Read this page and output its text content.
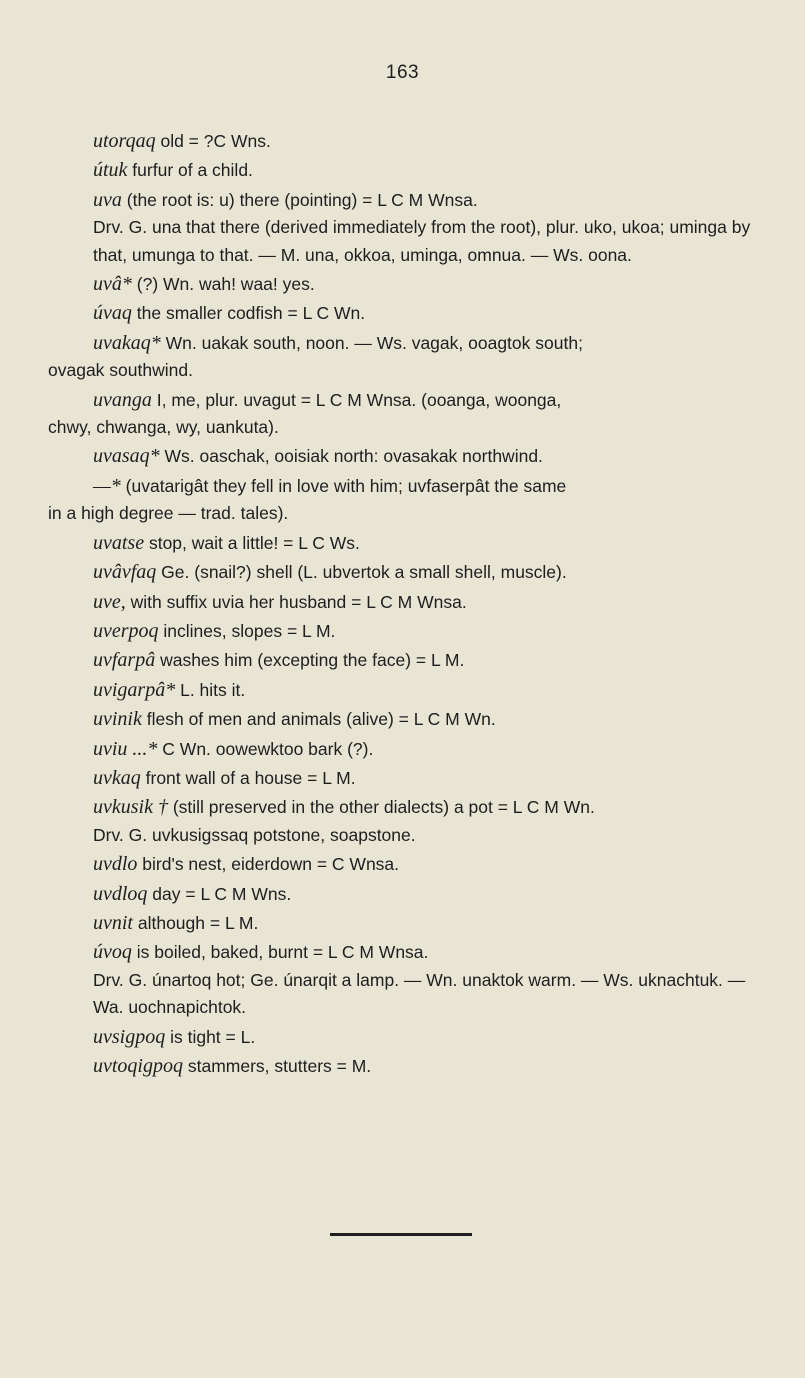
163
utorqaq old = ?C Wns.
útuk furfur of a child.
uva (the root is: u) there (pointing) = L C M Wnsa.
Drv. G. una that there (derived immediately from the root), plur. uko, ukoa; uminga by that, umunga to that. — M. una, okkoa, uminga, omnua. — Ws. oona.
uvâ* (?) Wn. wah! waa! yes.
úvaq the smaller codfish = L C Wn.
uvakaq* Wn. uakak south, noon. — Ws. vagak, ooagtok south;
ovagak southwind.
uvanga I, me, plur. uvagut = L C M Wnsa. (ooanga, woonga,
chwy, chwanga, wy, uankuta).
uvasaq* Ws. oaschak, ooisiak north: ovasakak northwind.
—* (uvatarigât they fell in love with him; uvfaserpât the same
in a high degree — trad. tales).
uvatse stop, wait a little! = L C Ws.
uvâvfaq Ge. (snail?) shell (L. ubvertok a small shell, muscle).
uve, with suffix uvia her husband = L C M Wnsa.
uverpoq inclines, slopes = L M.
uvfarpâ washes him (excepting the face) = L M.
uvigarpâ* L. hits it.
uvinik flesh of men and animals (alive) = L C M Wn.
uviu ...* C Wn. oowewktoo bark (?).
uvkaq front wall of a house = L M.
uvkusik † (still preserved in the other dialects) a pot = L C M Wn.
Drv. G. uvkusigssaq potstone, soapstone.
uvdlo bird's nest, eiderdown = C Wnsa.
uvdloq day = L C M Wns.
uvnit although = L M.
úvoq is boiled, baked, burnt = L C M Wnsa.
Drv. G. únartoq hot; Ge. únarqit a lamp. — Wn. unaktok warm. — Ws. uknachtuk. — Wa. uochnapichtok.
uvsigpoq is tight = L.
uvtoqigpoq stammers, stutters = M.
